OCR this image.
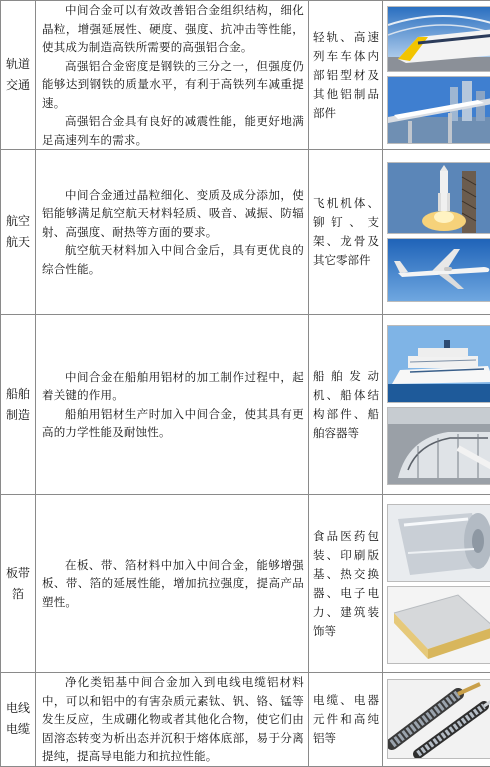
轨道交通	中间合金可以有效改善铝合金组织结构，细化晶粒，增强延展性、硬度、强度、抗冲击等性能，使其成为制造高铁所需要的高强铝合金。

高强铝合金密度是钢铁的三分之一，但强度仍能够达到钢铁的质量水平，有利于高铁列车减重提速。

高强铝合金具有良好的减震性能，能更好地满足高速列车的需求。	轻轨、高速列车车体内部铝型材及其他铝制品部件	

航空航天	中间合金通过晶粒细化、变质及成分添加，使铝能够满足航空航天材料轻质、吸音、减振、防辐射、高强度、耐热等方面的要求。

航空航天材料加入中间合金后，具有更优良的综合性能。	飞机机体、铆钉、支架、龙骨及其它零部件	

船舶制造	中间合金在船舶用铝材的加工制作过程中，起着关键的作用。

船舶用铝材生产时加入中间合金，使其具有更高的力学性能及耐蚀性。	船舶发动机、船体结构部件、船舶容器等	

板带箔	在板、带、箔材料中加入中间合金，能够增强板、带、箔的延展性能，增加抗拉强度，提高产品塑性。	食品医药包装、印刷版基、热交换器、电子电力、建筑装饰等	

电线电缆	净化类铝基中间合金加入到电线电缆铝材料中，可以和铝中的有害杂质元素钛、钒、铬、锰等发生反应，生成硼化物或者其他化合物，使它们由固溶态转变为析出态并沉积于熔体底部，易于分离提纯，提高导电能力和抗拉性能。	电缆、电器元件和高纯铝等	
